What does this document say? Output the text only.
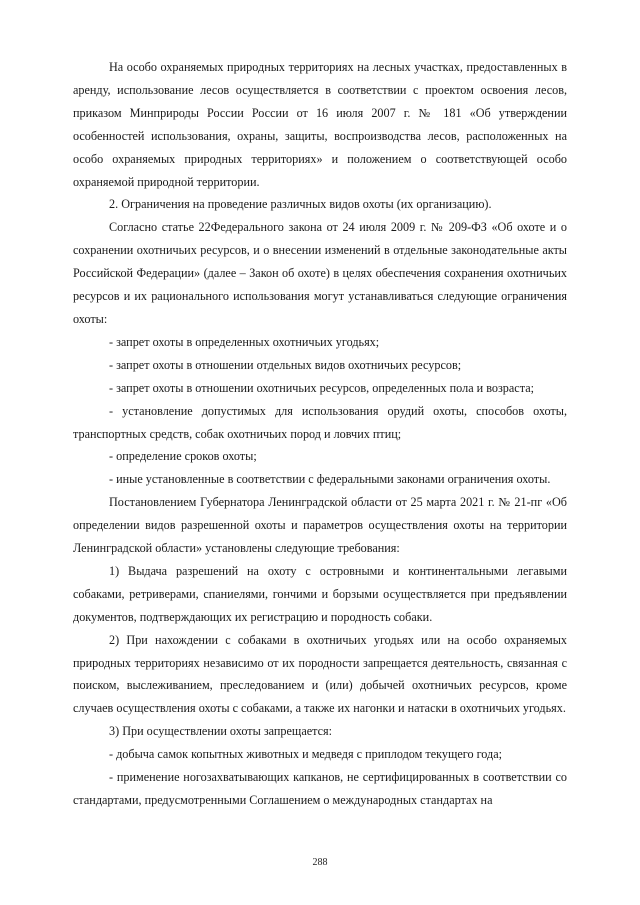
На особо охраняемых природных территориях на лесных участках, предоставленных в аренду, использование лесов осуществляется в соответствии с проектом освоения лесов, приказом Минприроды России России от 16 июля 2007 г. № 181 «Об утверждении особенностей использования, охраны, защиты, воспроизводства лесов, расположенных на особо охраняемых природных территориях» и положением о соответствующей особо охраняемой природной территории.

2. Ограничения на проведение различных видов охоты (их организацию).

Согласно статье 22Федерального закона от 24 июля 2009 г. № 209-ФЗ «Об охоте и о сохранении охотничьих ресурсов, и о внесении изменений в отдельные законодательные акты Российской Федерации» (далее – Закон об охоте) в целях обеспечения сохранения охотничьих ресурсов и их рационального использования могут устанавливаться следующие ограничения охоты:

- запрет охоты в определенных охотничьих угодьях;

- запрет охоты в отношении отдельных видов охотничьих ресурсов;

- запрет охоты в отношении охотничьих ресурсов, определенных пола и возраста;

- установление допустимых для использования орудий охоты, способов охоты, транспортных средств, собак охотничьих пород и ловчих птиц;

- определение сроков охоты;

- иные установленные в соответствии с федеральными законами ограничения охоты.

Постановлением Губернатора Ленинградской области от 25 марта 2021 г. № 21-пг «Об определении видов разрешенной охоты и параметров осуществления охоты на территории Ленинградской области» установлены следующие требования:

1) Выдача разрешений на охоту с островными и континентальными легавыми собаками, ретриверами, спаниелями, гончими и борзыми осуществляется при предъявлении документов, подтверждающих их регистрацию и породность собаки.

2) При нахождении с собаками в охотничьих угодьях или на особо охраняемых природных территориях независимо от их породности запрещается деятельность, связанная с поиском, выслеживанием, преследованием и (или) добычей охотничьих ресурсов, кроме случаев осуществления охоты с собаками, а также их нагонки и натаски в охотничьих угодьях.

3) При осуществлении охоты запрещается:

- добыча самок копытных животных и медведя с приплодом текущего года;

- применение ногозахватывающих капканов, не сертифицированных в соответствии со стандартами, предусмотренными Соглашением о международных стандартах на

288
